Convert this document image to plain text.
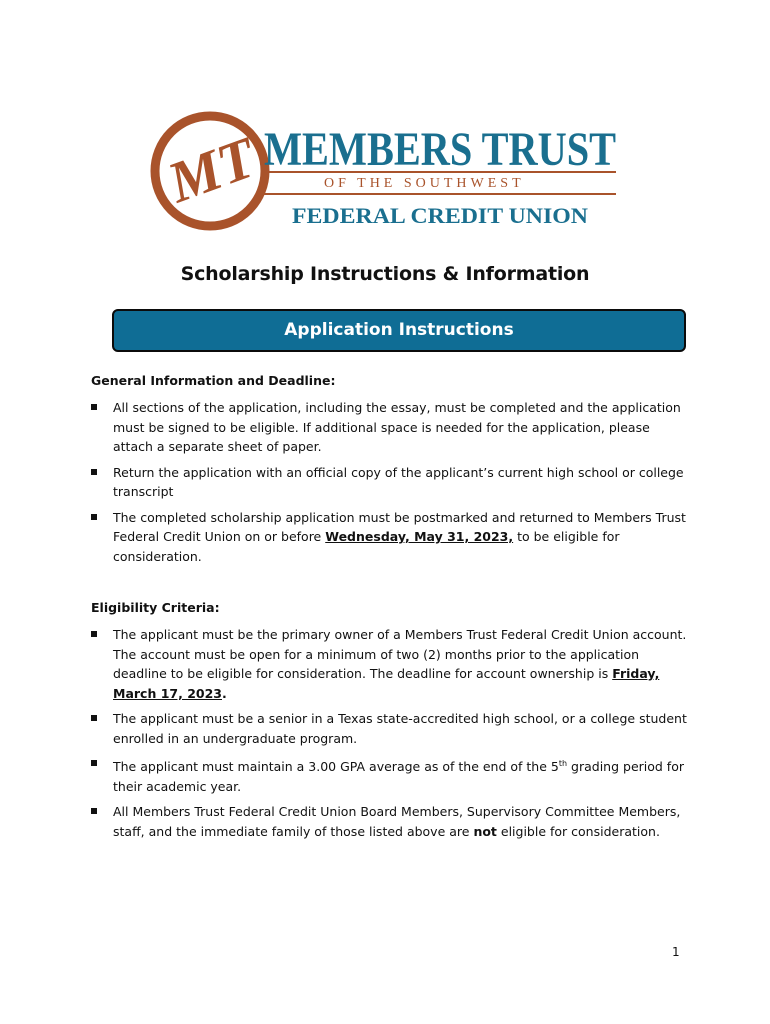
MT MEMBERS TRUST
OF THE SOUTHWEST
FEDERAL CREDIT UNION
Scholarship Instructions & Information
Application Instructions
General Information and Deadline:
All sections of the application, including the essay, must be completed and the application must be signed to be eligible. If additional space is needed for the application, please attach a separate sheet of paper.
Return the application with an official copy of the applicant’s current high school or college transcript
The completed scholarship application must be postmarked and returned to Members Trust Federal Credit Union on or before Wednesday, May 31, 2023, to be eligible for consideration.
Eligibility Criteria:
The applicant must be the primary owner of a Members Trust Federal Credit Union account. The account must be open for a minimum of two (2) months prior to the application deadline to be eligible for consideration. The deadline for account ownership is Friday, March 17, 2023.
The applicant must be a senior in a Texas state-accredited high school, or a college student enrolled in an undergraduate program.
The applicant must maintain a 3.00 GPA average as of the end of the 5th grading period for their academic year.
All Members Trust Federal Credit Union Board Members, Supervisory Committee Members, staff, and the immediate family of those listed above are not eligible for consideration.
1
